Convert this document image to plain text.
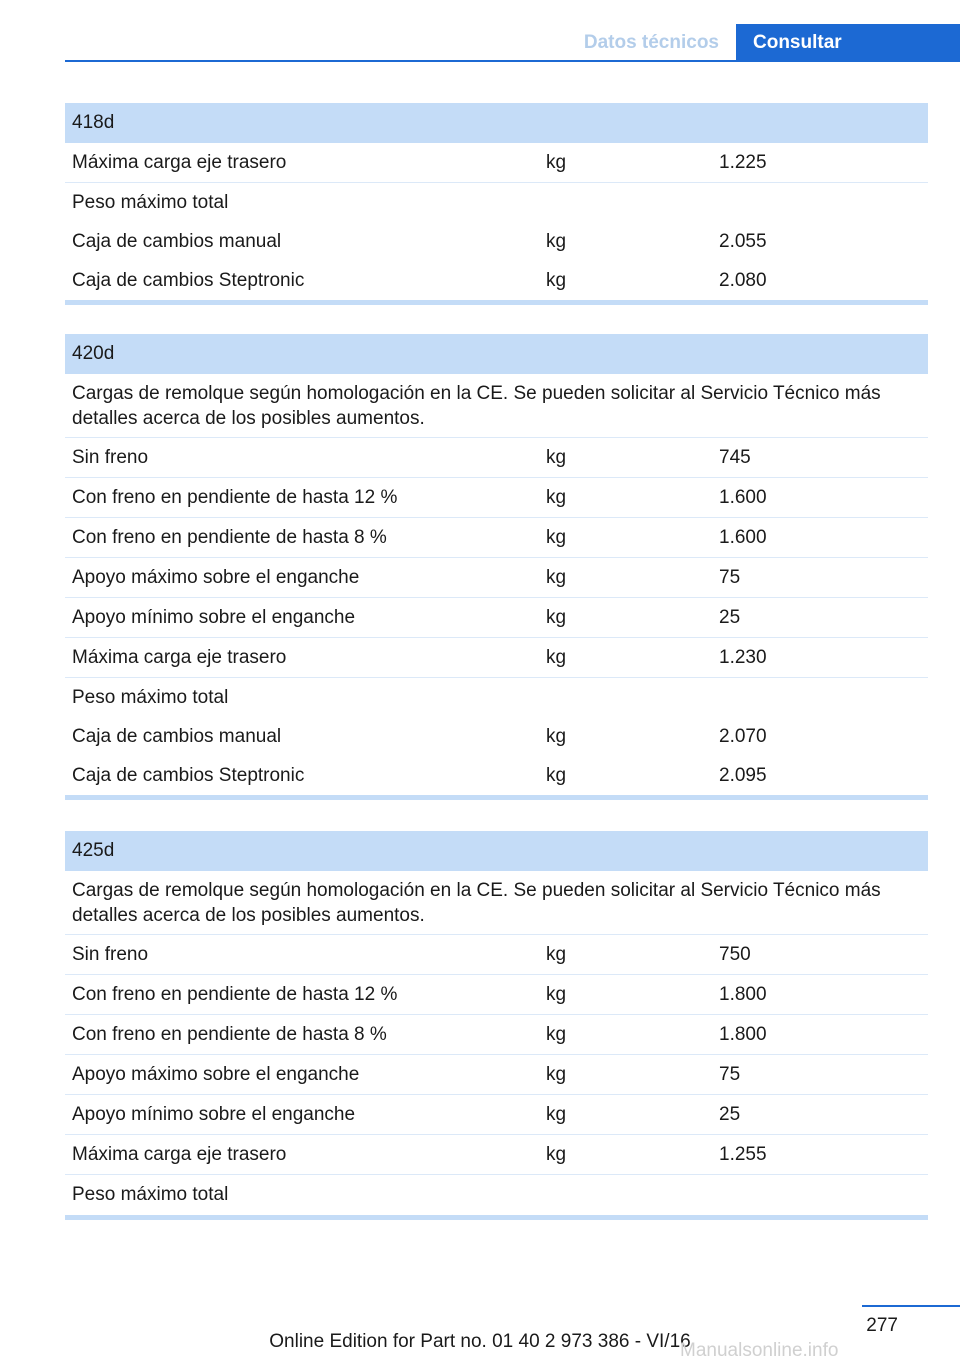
Datos técnicos	Consultar
418d
Máxima carga eje trasero	kg	1.225
Peso máximo total
Caja de cambios manual	kg	2.055
Caja de cambios Steptronic	kg	2.080
420d
Cargas de remolque según homologación en la CE. Se pueden solicitar al Servicio Técnico más detalles acerca de los posibles aumentos.
Sin freno	kg	745
Con freno en pendiente de hasta 12 %	kg	1.600
Con freno en pendiente de hasta 8 %	kg	1.600
Apoyo máximo sobre el enganche	kg	75
Apoyo mínimo sobre el enganche	kg	25
Máxima carga eje trasero	kg	1.230
Peso máximo total
Caja de cambios manual	kg	2.070
Caja de cambios Steptronic	kg	2.095
425d
Cargas de remolque según homologación en la CE. Se pueden solicitar al Servicio Técnico más detalles acerca de los posibles aumentos.
Sin freno	kg	750
Con freno en pendiente de hasta 12 %	kg	1.800
Con freno en pendiente de hasta 8 %	kg	1.800
Apoyo máximo sobre el enganche	kg	75
Apoyo mínimo sobre el enganche	kg	25
Máxima carga eje trasero	kg	1.255
Peso máximo total
277
Online Edition for Part no. 01 40 2 973 386 - VI/16
Manualsonline.info
